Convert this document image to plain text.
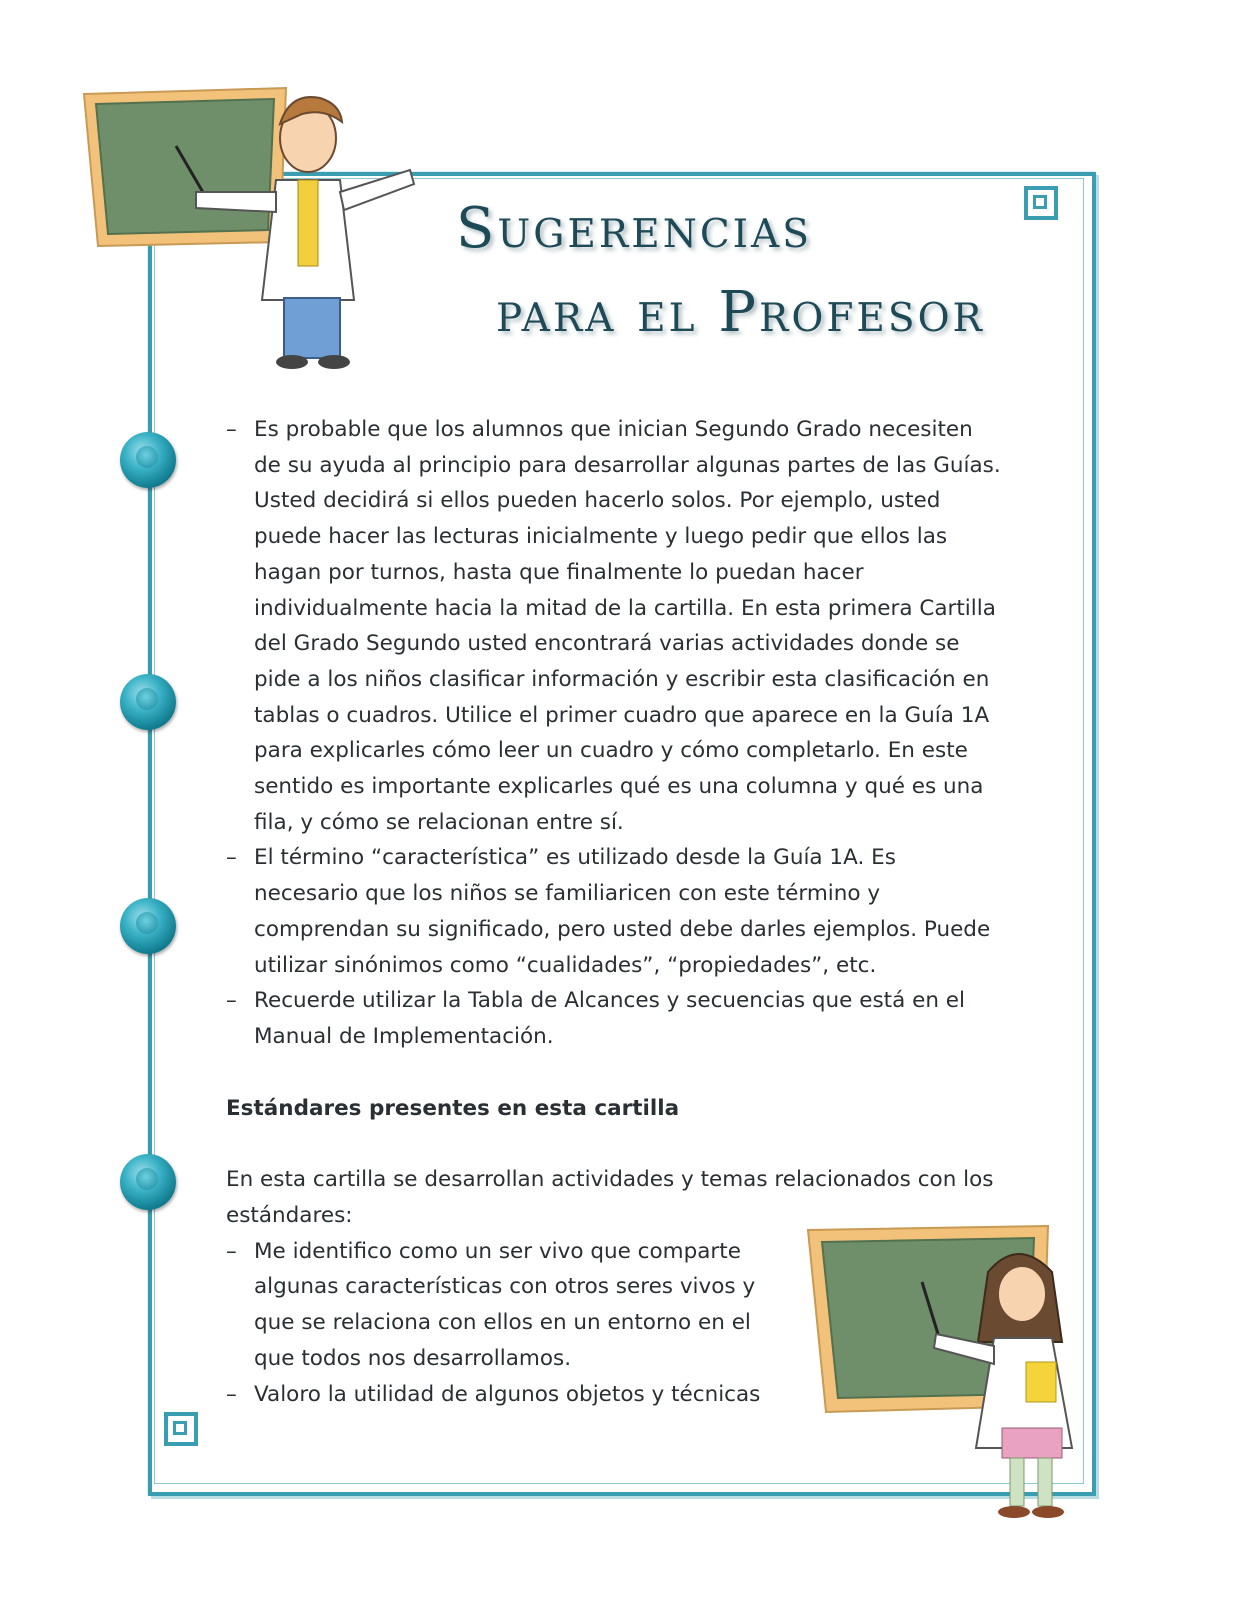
Sugerencias
para el Profesor
– Es probable que los alumnos que inician Segundo Grado necesiten de su ayuda al principio para desarrollar algunas partes de las Guías. Usted decidirá si ellos pueden hacerlo solos. Por ejemplo, usted puede hacer las lecturas inicialmente y luego pedir que ellos las hagan por turnos, hasta que finalmente lo puedan hacer individualmente hacia la mitad de la cartilla. En esta primera Cartilla del Grado Segundo usted encontrará varias actividades donde se pide a los niños clasificar información y escribir esta clasificación en tablas o cuadros. Utilice el primer cuadro que aparece en la Guía 1A para explicarles cómo leer un cuadro y cómo completarlo. En este sentido es importante explicarles qué es una columna y qué es una fila, y cómo se relacionan entre sí.
– El término “característica” es utilizado desde la Guía 1A. Es necesario que los niños se familiaricen con este término y comprendan su significado, pero usted debe darles ejemplos. Puede utilizar sinónimos como “cualidades”, “propiedades”, etc.
– Recuerde utilizar la Tabla de Alcances y secuencias que está en el Manual de Implementación.
Estándares presentes en esta cartilla
En esta cartilla se desarrollan actividades y temas relacionados con los estándares:
– Me identifico como un ser vivo que comparte algunas características con otros seres vivos y que se relaciona con ellos en un entorno en el que todos nos desarrollamos.
– Valoro la utilidad de algunos objetos y técnicas
